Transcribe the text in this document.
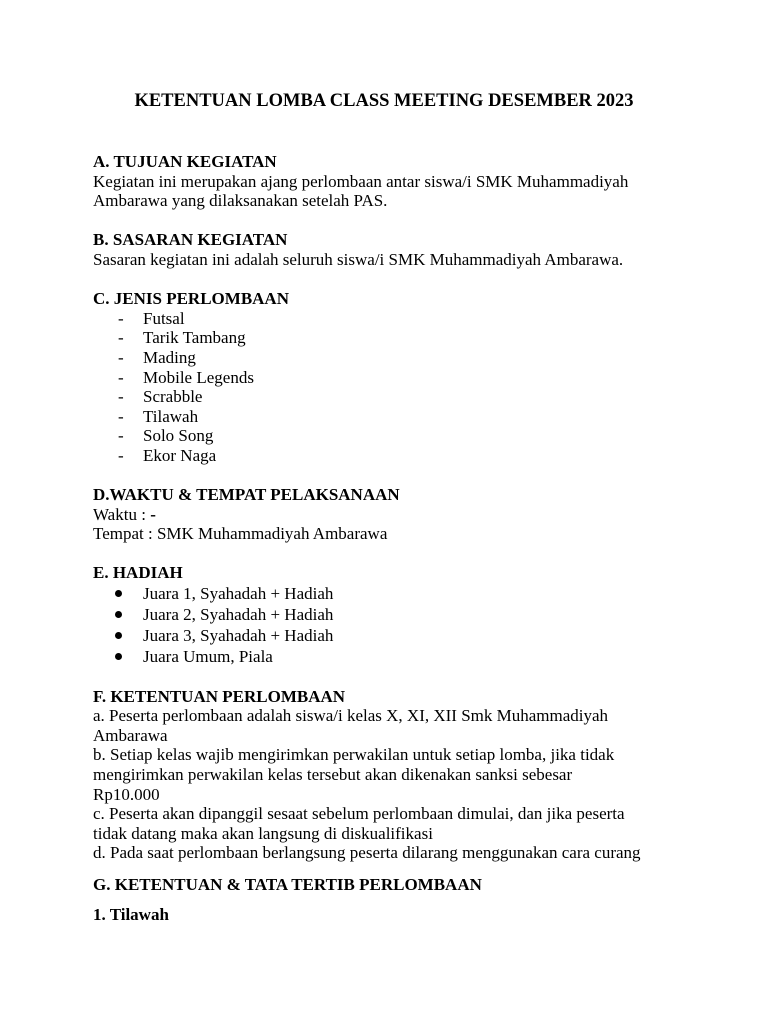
KETENTUAN LOMBA CLASS MEETING DESEMBER 2023
A. TUJUAN KEGIATAN
Kegiatan ini merupakan ajang perlombaan antar siswa/i SMK Muhammadiyah
Ambarawa yang dilaksanakan setelah PAS.
B. SASARAN KEGIATAN
Sasaran kegiatan ini adalah seluruh siswa/i SMK Muhammadiyah Ambarawa.
C. JENIS PERLOMBAAN
- Futsal
- Tarik Tambang
- Mading
- Mobile Legends
- Scrabble
- Tilawah
- Solo Song
- Ekor Naga
D.WAKTU & TEMPAT PELAKSANAAN
Waktu : -
Tempat : SMK Muhammadiyah Ambarawa
E. HADIAH
Juara 1, Syahadah + Hadiah
Juara 2, Syahadah + Hadiah
Juara 3, Syahadah + Hadiah
Juara Umum, Piala
F. KETENTUAN PERLOMBAAN
a. Peserta perlombaan adalah siswa/i kelas X, XI, XII Smk Muhammadiyah
Ambarawa
b. Setiap kelas wajib mengirimkan perwakilan untuk setiap lomba, jika tidak
mengirimkan perwakilan kelas tersebut akan dikenakan sanksi sebesar
Rp10.000
c. Peserta akan dipanggil sesaat sebelum perlombaan dimulai, dan jika peserta
tidak datang maka akan langsung di diskualifikasi
d. Pada saat perlombaan berlangsung peserta dilarang menggunakan cara curang
G. KETENTUAN & TATA TERTIB PERLOMBAAN
1. Tilawah
